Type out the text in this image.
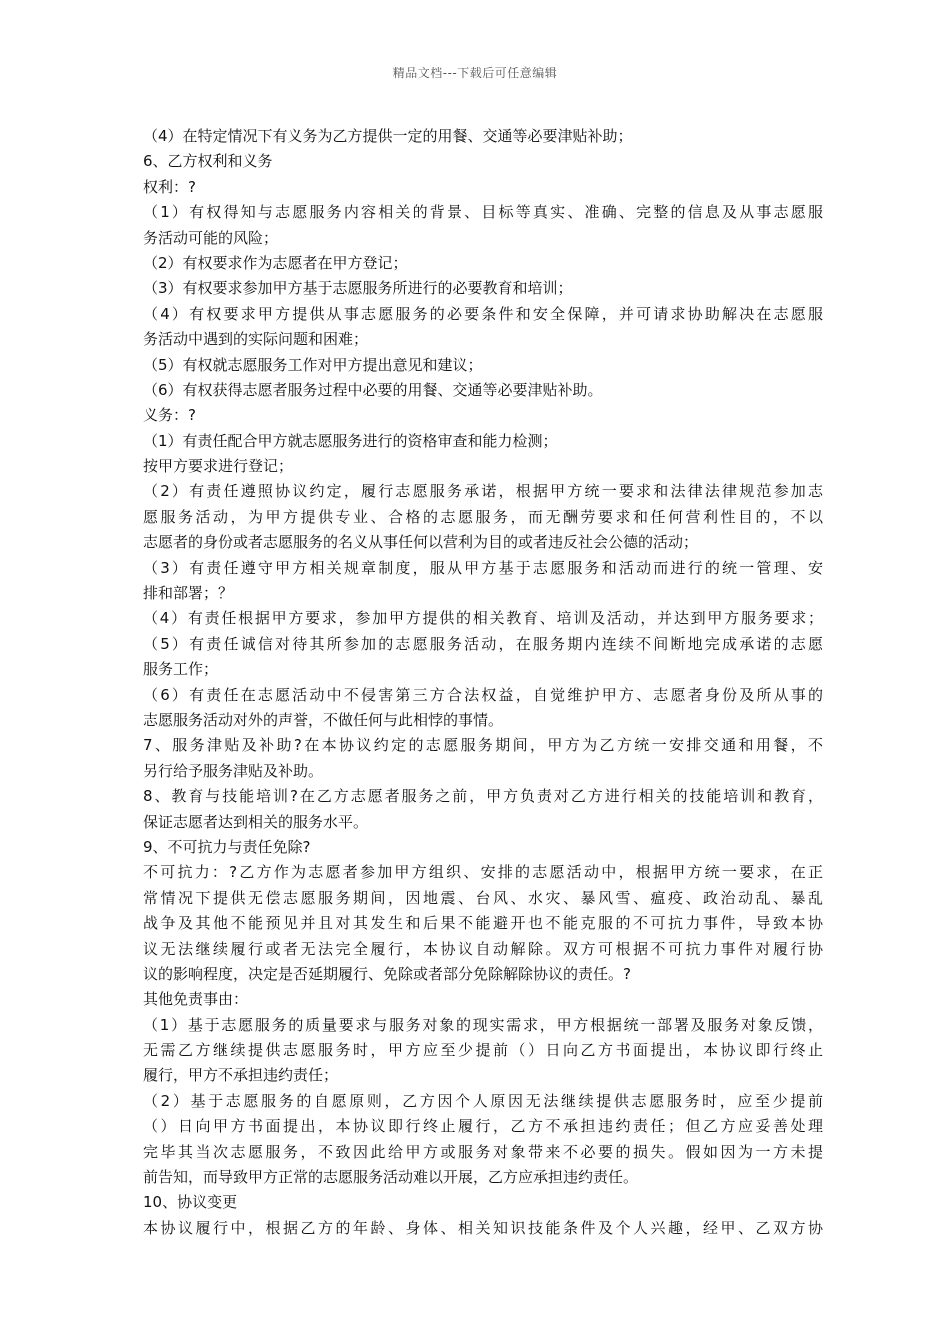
精品文档---下载后可任意编辑
（4）在特定情况下有义务为乙方提供一定的用餐、交通等必要津贴补助；
6、乙方权利和义务
权利：?
（1）有权得知与志愿服务内容相关的背景、目标等真实、准确、完整的信息及从事志愿服
务活动可能的风险；
（2）有权要求作为志愿者在甲方登记；
（3）有权要求参加甲方基于志愿服务所进行的必要教育和培训；
（4）有权要求甲方提供从事志愿服务的必要条件和安全保障，并可请求协助解决在志愿服
务活动中遇到的实际问题和困难；
（5）有权就志愿服务工作对甲方提出意见和建议；
（6）有权获得志愿者服务过程中必要的用餐、交通等必要津贴补助。
义务：?
（1）有责任配合甲方就志愿服务进行的资格审查和能力检测；
按甲方要求进行登记；
（2）有责任遵照协议约定，履行志愿服务承诺，根据甲方统一要求和法律法律规范参加志
愿服务活动，为甲方提供专业、合格的志愿服务，而无酬劳要求和任何营利性目的，不以
志愿者的身份或者志愿服务的名义从事任何以营利为目的或者违反社会公德的活动；
（3）有责任遵守甲方相关规章制度，服从甲方基于志愿服务和活动而进行的统一管理、安
排和部署；？
（4）有责任根据甲方要求，参加甲方提供的相关教育、培训及活动，并达到甲方服务要求；
（5）有责任诚信对待其所参加的志愿服务活动，在服务期内连续不间断地完成承诺的志愿
服务工作；
（6）有责任在志愿活动中不侵害第三方合法权益，自觉维护甲方、志愿者身份及所从事的
志愿服务活动对外的声誉，不做任何与此相悖的事情。
7、服务津贴及补助?在本协议约定的志愿服务期间，甲方为乙方统一安排交通和用餐，不
另行给予服务津贴及补助。
8、教育与技能培训?在乙方志愿者服务之前，甲方负责对乙方进行相关的技能培训和教育，
保证志愿者达到相关的服务水平。
9、不可抗力与责任免除?
不可抗力：?乙方作为志愿者参加甲方组织、安排的志愿活动中，根据甲方统一要求，在正
常情况下提供无偿志愿服务期间，因地震、台风、水灾、暴风雪、瘟疫、政治动乱、暴乱
战争及其他不能预见并且对其发生和后果不能避开也不能克服的不可抗力事件，导致本协
议无法继续履行或者无法完全履行，本协议自动解除。双方可根据不可抗力事件对履行协
议的影响程度，决定是否延期履行、免除或者部分免除解除协议的责任。?
其他免责事由：
（1）基于志愿服务的质量要求与服务对象的现实需求，甲方根据统一部署及服务对象反馈，
无需乙方继续提供志愿服务时，甲方应至少提前（）日向乙方书面提出，本协议即行终止
履行，甲方不承担违约责任；
（2）基于志愿服务的自愿原则，乙方因个人原因无法继续提供志愿服务时，应至少提前
（）日向甲方书面提出，本协议即行终止履行，乙方不承担违约责任；但乙方应妥善处理
完毕其当次志愿服务，不致因此给甲方或服务对象带来不必要的损失。假如因为一方未提
前告知，而导致甲方正常的志愿服务活动难以开展，乙方应承担违约责任。
10、协议变更
本协议履行中，根据乙方的年龄、身体、相关知识技能条件及个人兴趣，经甲、乙双方协
